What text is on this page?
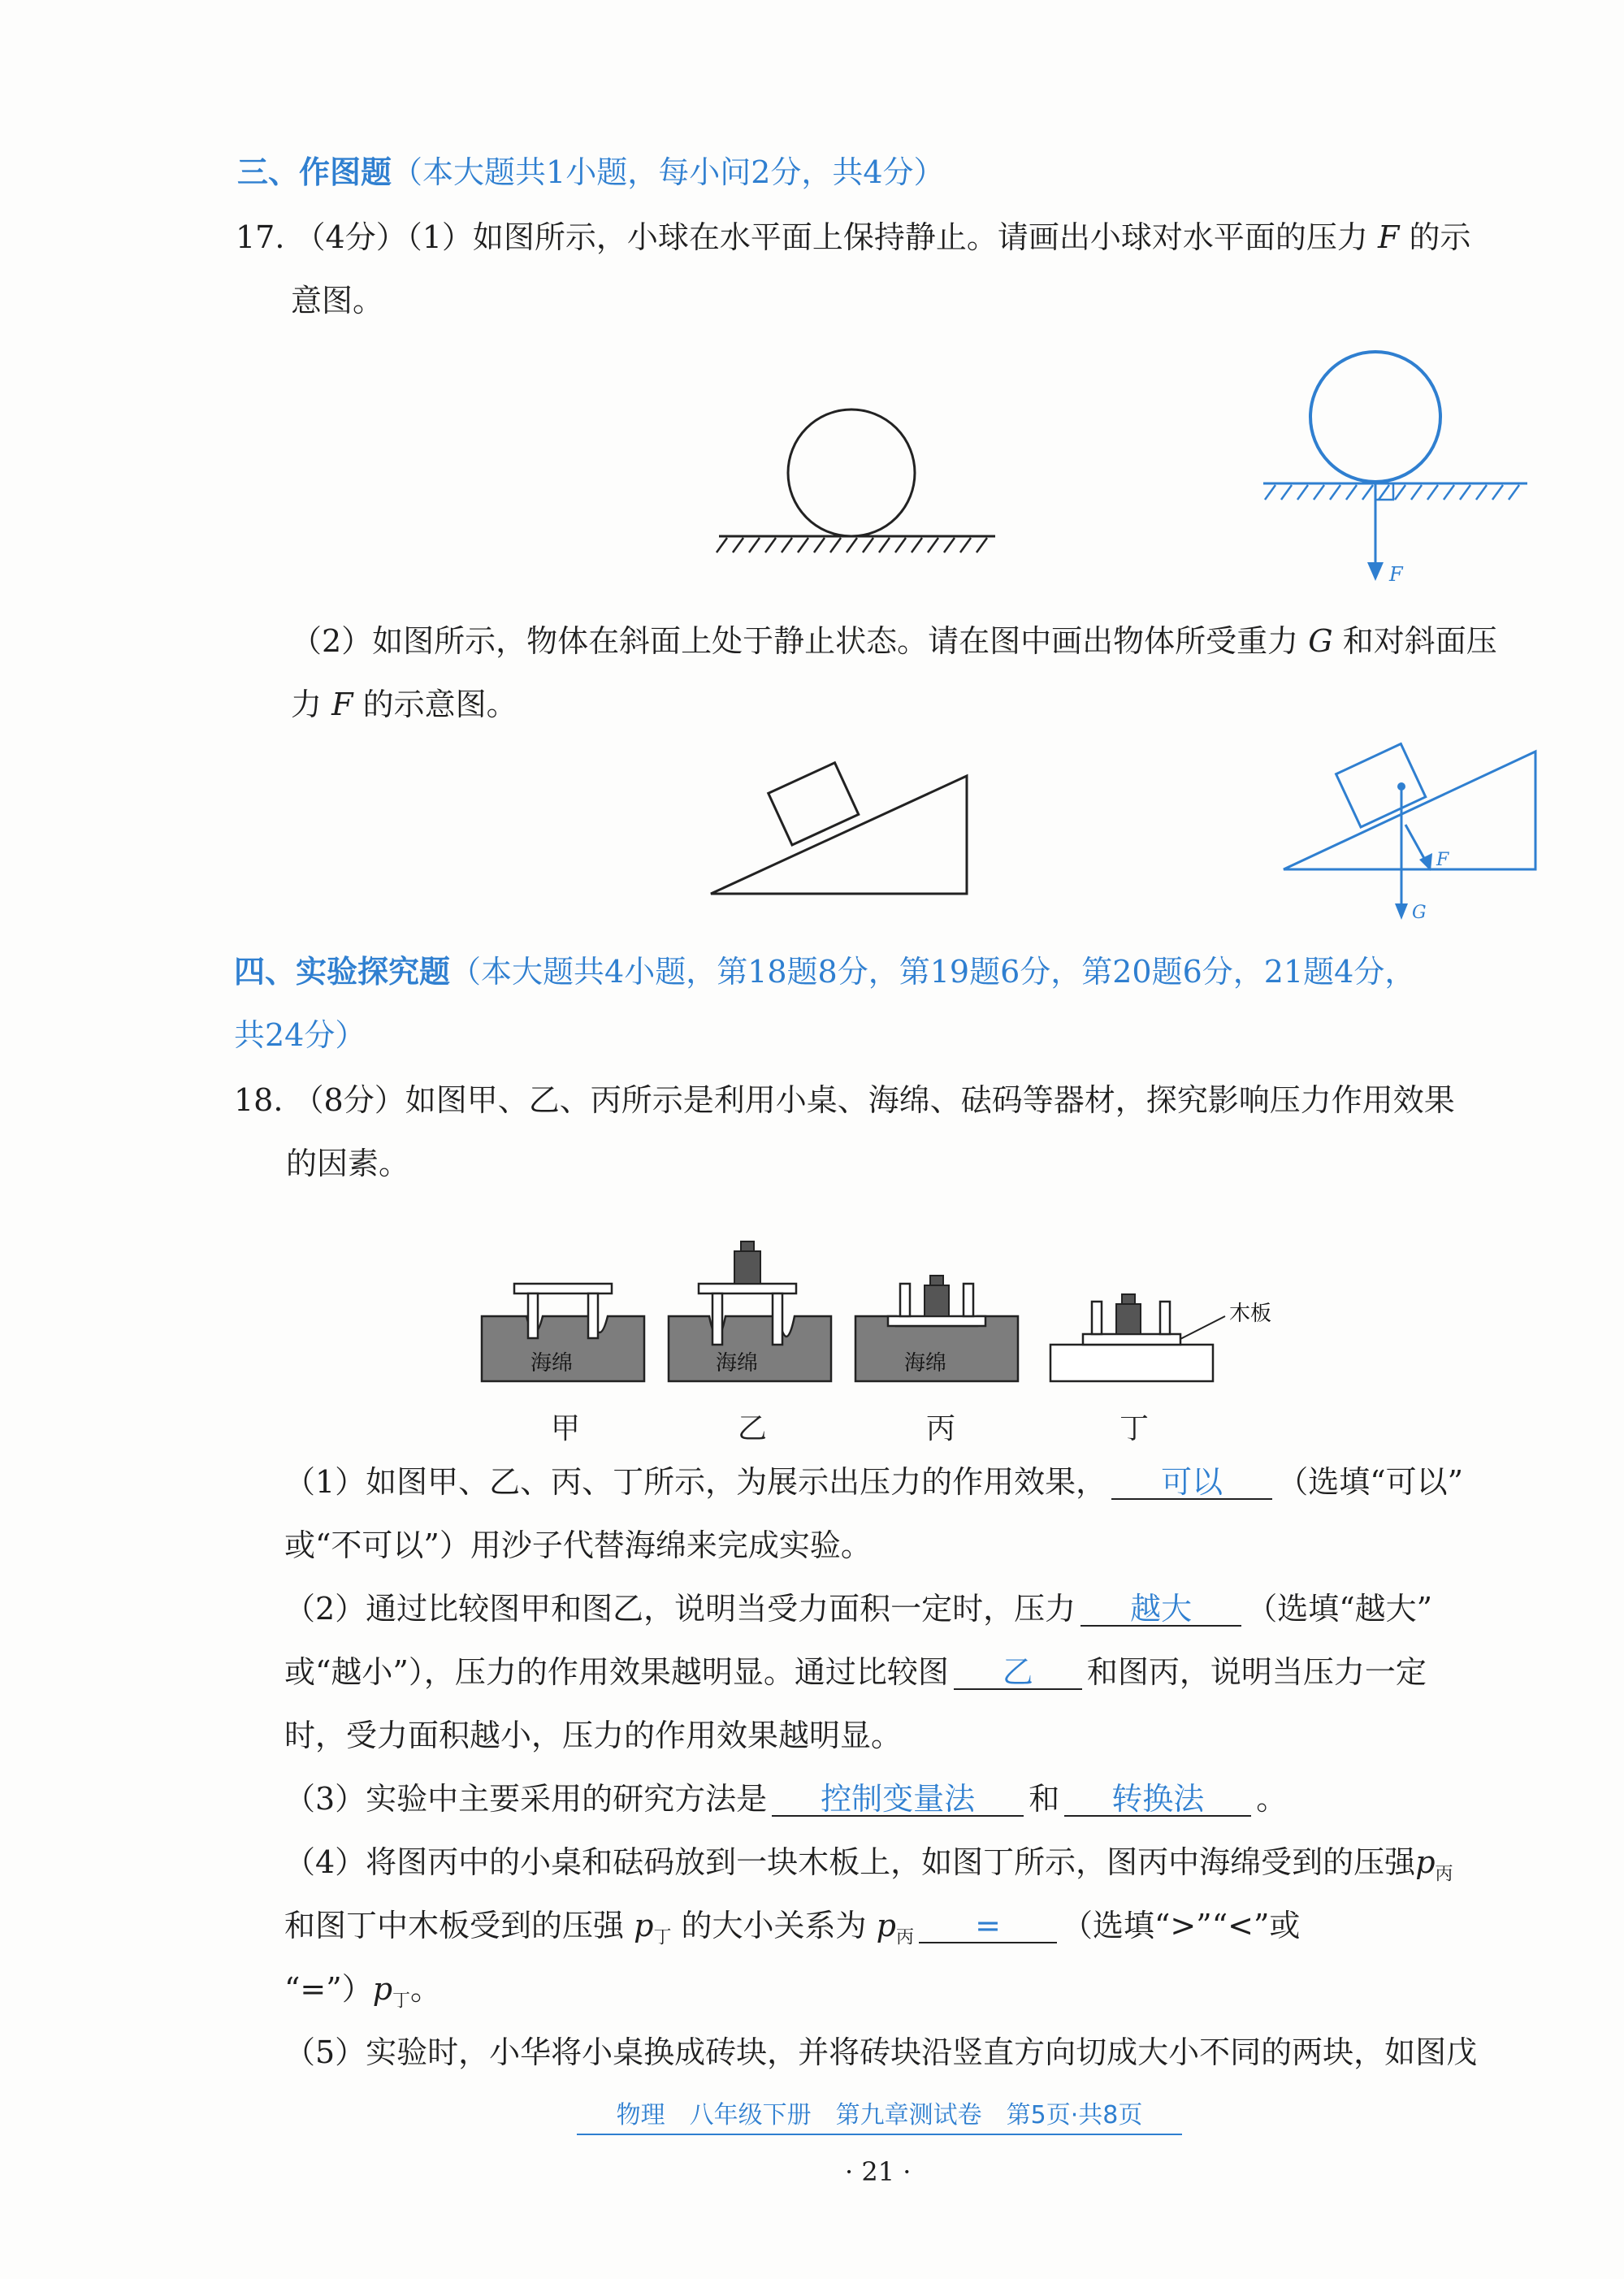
三、作图题（本大题共1小题，每小问2分，共4分）
17. （4分）（1）如图所示，小球在水平面上保持静止。请画出小球对水平面的压力 F 的示
意图。
F
（2）如图所示，物体在斜面上处于静止状态。请在图中画出物体所受重力 G 和对斜面压
力 F 的示意图。
G
F
四、实验探究题（本大题共4小题，第18题8分，第19题6分，第20题6分，21题4分，
共24分）
18. （8分）如图甲、乙、丙所示是利用小桌、海绵、砝码等器材，探究影响压力作用效果
的因素。
海绵	海绵	海绵
木板
甲	乙	丙	丁
（1）如图甲、乙、丙、丁所示，为展示出压力的作用效果， 可以 （选填“可以”
或“不可以”）用沙子代替海绵来完成实验。
（2）通过比较图甲和图乙，说明当受力面积一定时，压力 越大 （选填“越大”
或“越小”），压力的作用效果越明显。通过比较图 乙 和图丙，说明当压力一定
时，受力面积越小，压力的作用效果越明显。
（3）实验中主要采用的研究方法是 控制变量法 和 转换法 。
（4）将图丙中的小桌和砝码放到一块木板上，如图丁所示，图丙中海绵受到的压强$p_丙$
和图丁中木板受到的压强 $p_丁$ 的大小关系为 $p_丙$ = （选填“>”“<”或
“$=”)p_丁$。
（5）实验时，小华将小桌换成砖块，并将砖块沿竖直方向切成大小不同的两块，如图戊
物理　八年级下册　第九章测试卷　第5页·共8页
· 21 ·
